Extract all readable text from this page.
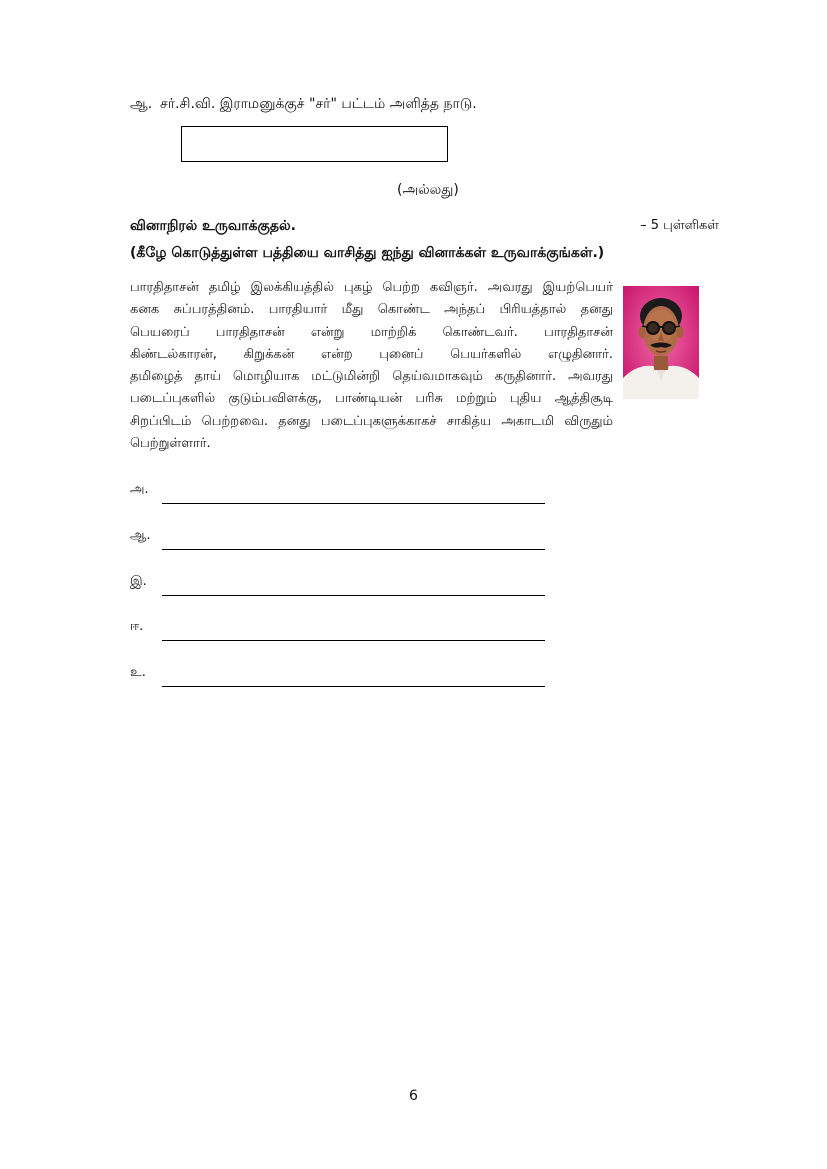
ஆ. சர்.சி.வி. இராமனுக்குச் "சர்" பட்டம் அளித்த நாடு.
(அல்லது)
வினாநிரல் உருவாக்குதல்.	– 5 புள்ளிகள்
(கீழே கொடுத்துள்ள பத்தியை வாசித்து ஐந்து வினாக்கள் உருவாக்குங்கள்.)
பாரதிதாசன் தமிழ் இலக்கியத்தில் புகழ் பெற்ற கவிஞர். அவரது இயற்பெயர்
கனக சுப்பரத்தினம். பாரதியார் மீது கொண்ட அந்தப் பிரியத்தால் தனது
பெயரைப் பாரதிதாசன் என்று மாற்றிக் கொண்டவர். பாரதிதாசன்
கிண்டல்காரன், கிறுக்கன் என்ற புனைப் பெயர்களில் எழுதினார்.
தமிழைத் தாய் மொழியாக மட்டுமின்றி தெய்வமாகவும் கருதினார். அவரது
படைப்புகளில் குடும்பவிளக்கு, பாண்டியன் பரிசு மற்றும் புதிய ஆத்திசூடி
சிறப்பிடம் பெற்றவை. தனது படைப்புகளுக்காகச் சாகித்ய அகாடமி விருதும்
பெற்றுள்ளார்.
அ.
ஆ.
இ.
ஈ.
உ.
6
